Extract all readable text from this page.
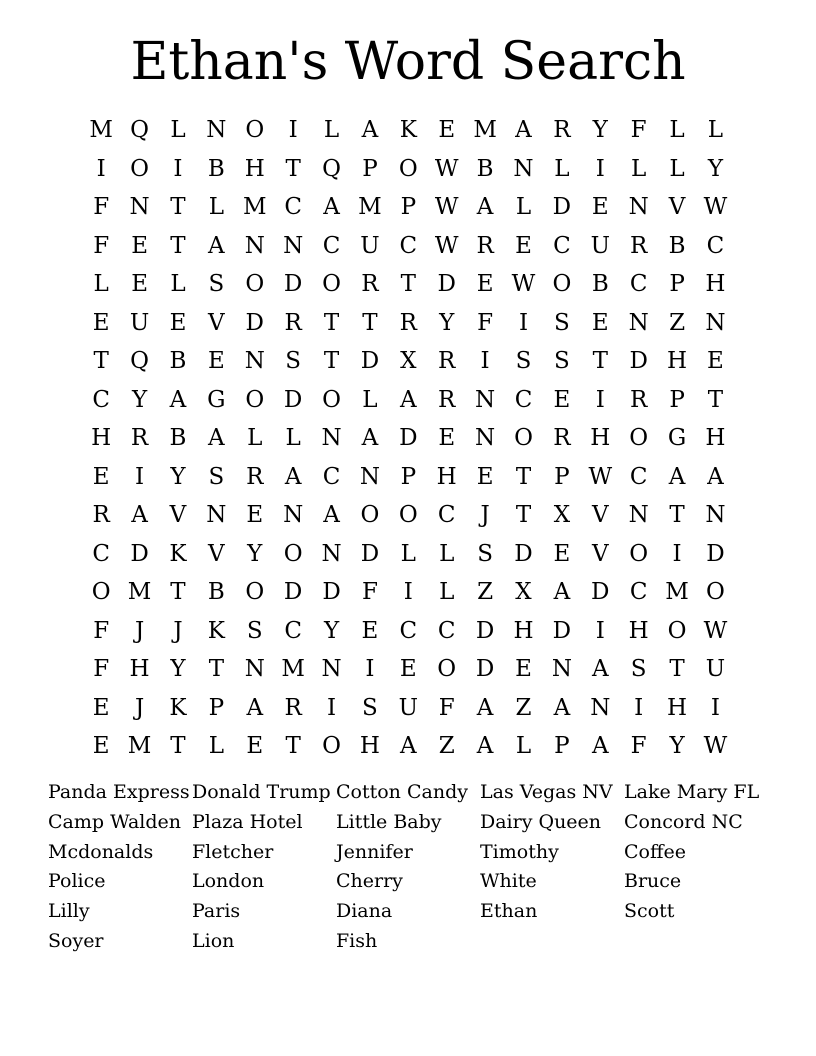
Ethan's Word Search
M Q L N O	I	L A K E M A R Y F L	L
I	O	I	B H T Q P O W B N L	I	L	L	Y
F N T	L M C A M P W A L D E N V W
F E T A N N C U C W R E C U R B C
L E L S O D O R T D E W O B C P H
E U E V D R T	T R Y F	I	S E N Z N
T Q B E N S T D X R	I	S S T D H E
C Y A G O D O L A R N C E	I	R P T
H R B A L	L N A D E N O R H O G H
E	I	Y S R A C N P H E T P W C A A
R A V N E N A O O C	J	T X V N T N
C D K V Y O N D L	L S D E V O	I	D
O M T B O D D F	I	L Z X A D C M O
F	J	J	K S C Y E C C D H D	I	H O W
F H Y	T N M N	I	E O D E N A S T U
E	J	K P A R	I	S U F A Z A N	I	H	I
E M T	L E T O H A Z A L	P A F Y W
Panda Express
Camp Walden
Mcdonalds
Police
Lilly
Soyer
Donald Trump
Plaza Hotel
Fletcher
London
Paris
Lion
Cotton Candy
Little Baby
Jennifer
Cherry
Diana
Fish
Las Vegas NV
Dairy Queen
Timothy
White
Ethan
Lake Mary FL
Concord NC
Coffee
Bruce
Scott
